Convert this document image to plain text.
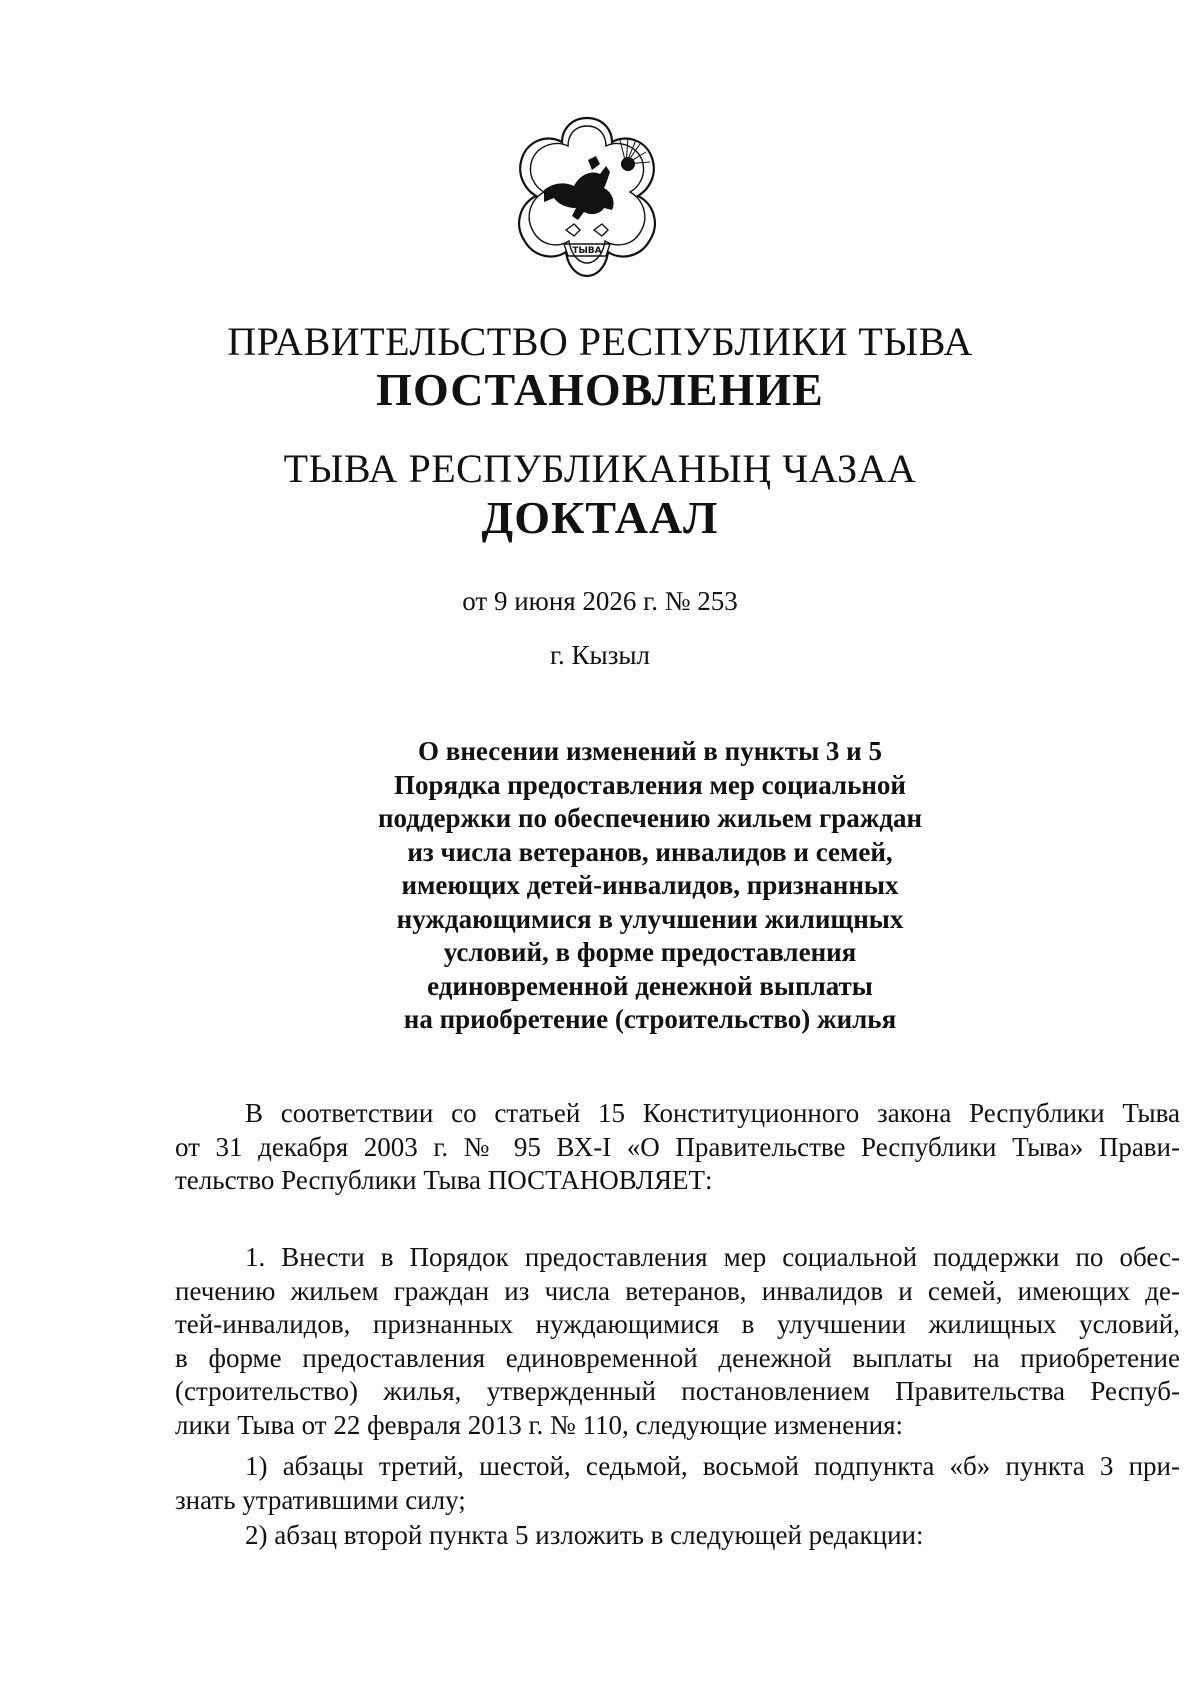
ТЫВА
ПРАВИТЕЛЬСТВО РЕСПУБЛИКИ ТЫВА
ПОСТАНОВЛЕНИЕ
ТЫВА РЕСПУБЛИКАНЫҢ ЧАЗАА
ДОКТААЛ
от 9 июня 2026 г. № 253
г. Кызыл
О внесении изменений в пункты 3 и 5
Порядка предоставления мер социальной
поддержки по обеспечению жильем граждан
из числа ветеранов, инвалидов и семей,
имеющих детей-инвалидов, признанных
нуждающимися в улучшении жилищных
условий, в форме предоставления
единовременной денежной выплаты
на приобретение (строительство) жилья
В соответствии со статьей 15 Конституционного закона Республики Тыва
от 31 декабря 2003 г. № 95 ВХ-I «О Правительстве Республики Тыва» Прави-
тельство Республики Тыва ПОСТАНОВЛЯЕТ:
1. Внести в Порядок предоставления мер социальной поддержки по обес-
печению жильем граждан из числа ветеранов, инвалидов и семей, имеющих де-
тей-инвалидов, признанных нуждающимися в улучшении жилищных условий,
в форме предоставления единовременной денежной выплаты на приобретение
(строительство) жилья, утвержденный постановлением Правительства Респуб-
лики Тыва от 22 февраля 2013 г. № 110, следующие изменения:
1) абзацы третий, шестой, седьмой, восьмой подпункта «б» пункта 3 при-
знать утратившими силу;
2) абзац второй пункта 5 изложить в следующей редакции:
